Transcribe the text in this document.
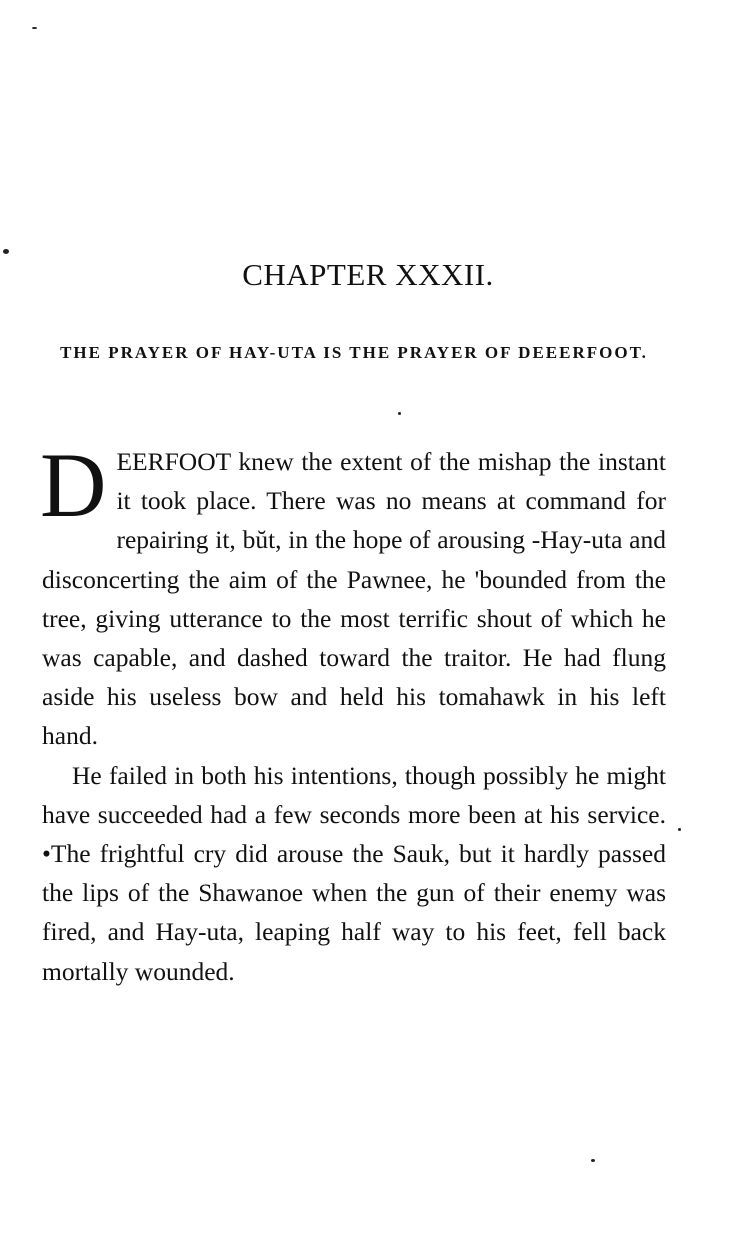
CHAPTER XXXII.
THE PRAYER OF HAY-UTA IS THE PRAYER OF DEEERFOOT.

D EERFOOT knew the extent of the mishap the instant it took place. There was no means at command for repairing it, bŭt, in the hope of arousing -Hay-uta and disconcerting the aim of the Pawnee, he 'bounded from the tree, giving utterance to the most terrific shout of which he was capable, and dashed toward the traitor. He had flung aside his useless bow and held his tomahawk in his left hand.

He failed in both his intentions, though possibly he might have succeeded had a few seconds more been at his service. •The frightful cry did arouse the Sauk, but it hardly passed the lips of the Shawanoe when the gun of their enemy was fired, and Hay-uta, leaping half way to his feet, fell back mortally wounded.
